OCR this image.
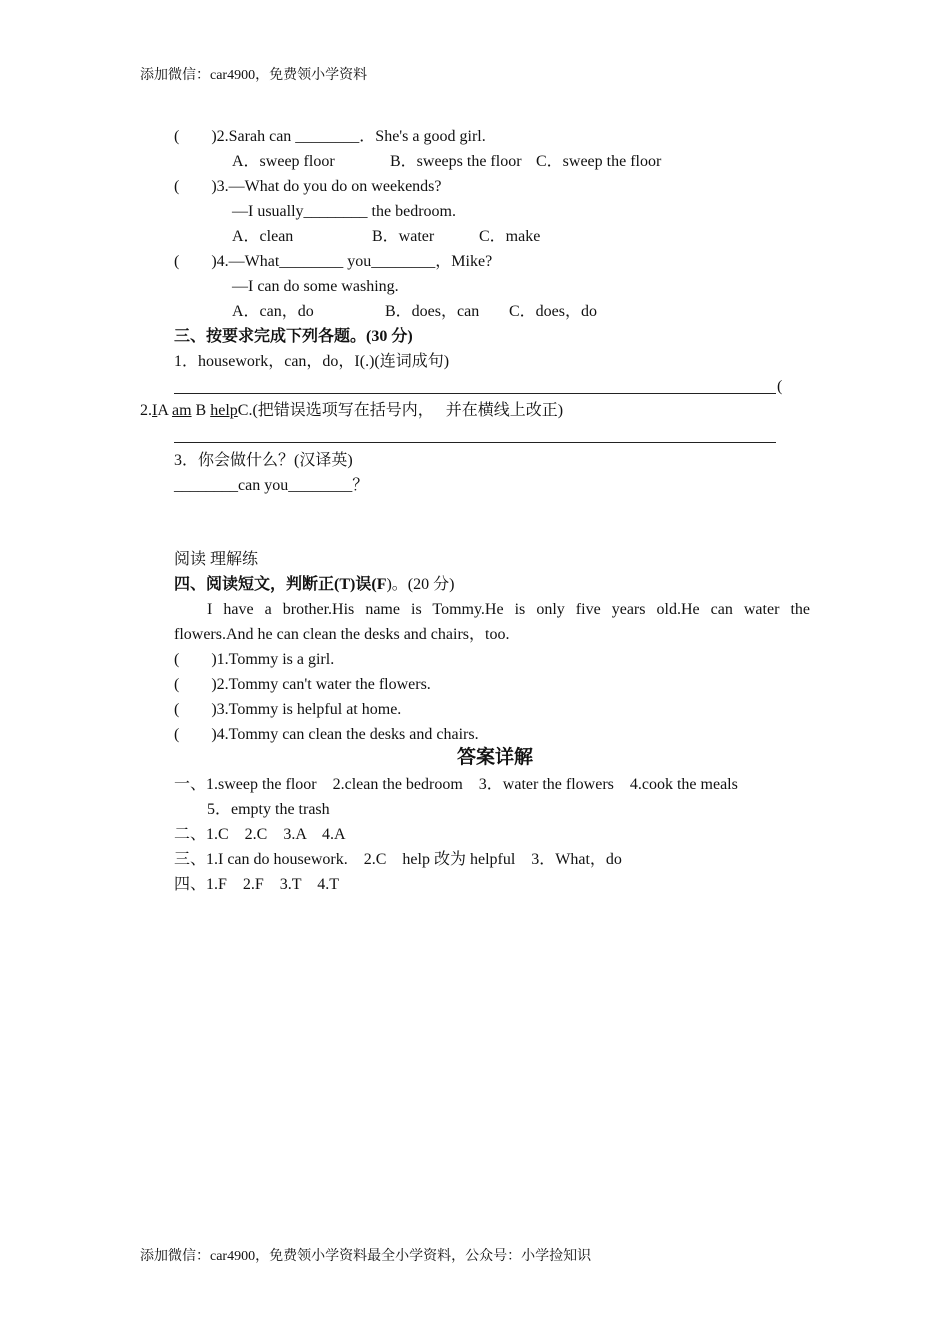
添加微信：car4900，免费领小学资料
(　　)2.Sarah can ________．She's a good girl.
A．sweep floor	B．sweeps the floor C．sweep the floor
(　　)3.—What do you do on weekends?
—I usually________ the bedroom.
A．clean	B．water	C．make
(　　)4.—What________ you________，Mike?
—I can do some washing.
A．can，do	B．does，can C．does，do
三、按要求完成下列各题。(30 分)
1．housework，can，do，I(.)(连词成句)
(
2.IA am B helpC.(把错误选项写在括号内，　 并在横线上改正)
3．你会做什么？(汉译英)
________can you________？
阅读 理解练
四、阅读短文，判断正(T)误(F)。(20 分)
I have a brother.His name is Tommy.He is only five years old.He can water the
flowers.And he can clean the desks and chairs，too.
(　　)1.Tommy is a girl.
(　　)2.Tommy can't water the flowers.
(　　)3.Tommy is helpful at home.
(　　)4.Tommy can clean the desks and chairs.
答案详解
一、1.sweep the floor　2.clean the bedroom　3．water the flowers　4.cook the meals
5．empty the trash
二、1.C　2.C　3.A　4.A
三、1.I can do housework.　2.C　help 改为 helpful　3．What，do
四、1.F　2.F　3.T　4.T
添加微信：car4900，免费领小学资料最全小学资料，公众号：小学捡知识
